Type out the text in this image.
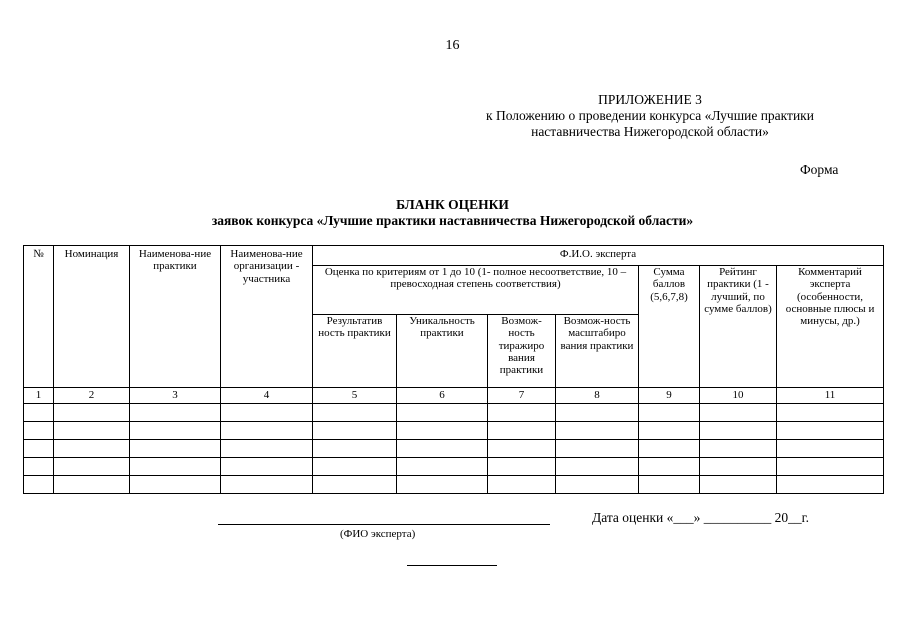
16
ПРИЛОЖЕНИЕ 3
к Положению о проведении конкурса «Лучшие практики
наставничества Нижегородской области»
Форма
БЛАНК ОЦЕНКИ
заявок конкурса «Лучшие практики наставничества Нижегородской области»
№	Номинация	Наименова-ние практики	Наименова-ние организации - участника	Ф.И.О. эксперта						
				Оценка по критериям от 1 до 10 (1- полное несоответствие, 10 – превосходная степень соответствия)				Сумма баллов (5,6,7,8)	Рейтинг практики (1 - лучший, по сумме баллов)	Комментарий эксперта (особенности, основные плюсы и минусы, др.)
				Результатив ность практики	Уникальность практики	Возмож-ность тиражиро вания практики	Возмож-ность масштабиро вания практики			
1	2	3	4	5	6	7	8	9	10	11

(ФИО эксперта)
Дата оценки «___» __________ 20__г.
